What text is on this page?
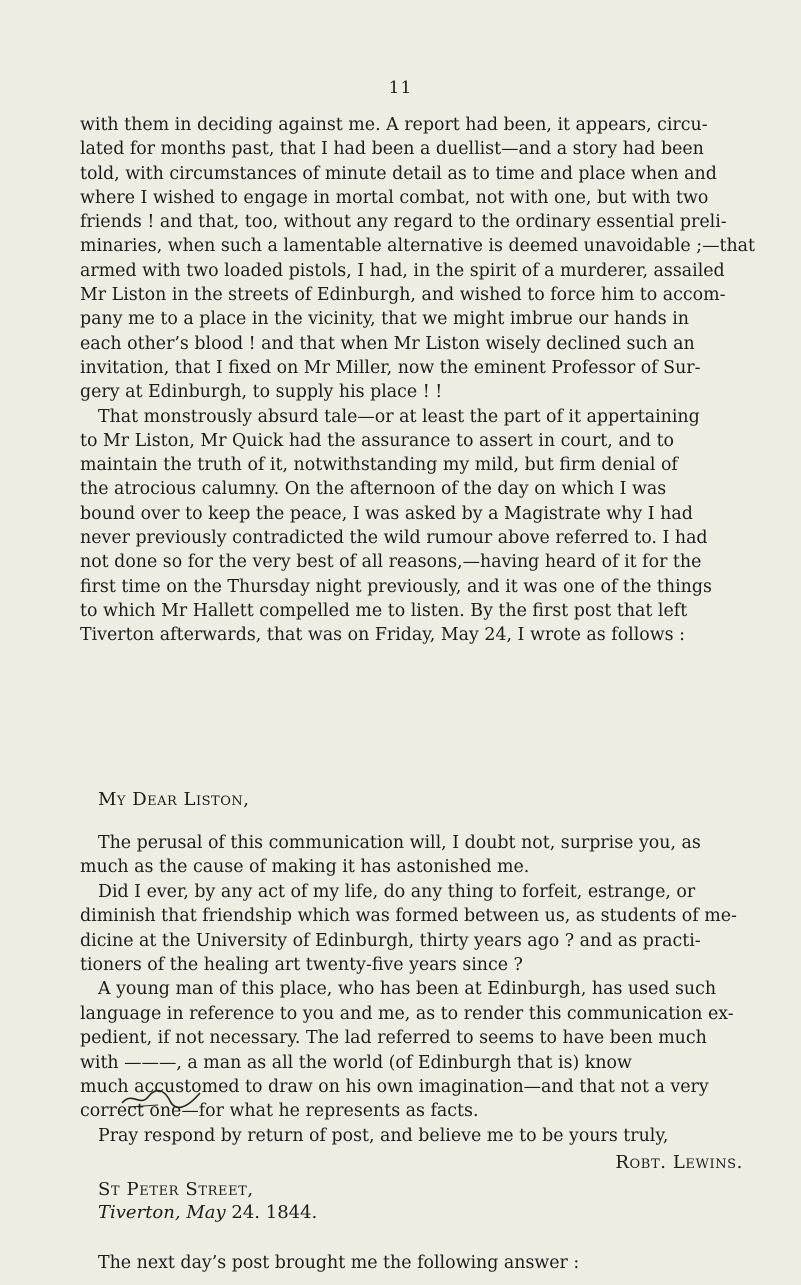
11
with them in deciding against me. A report had been, it appears, circu-
lated for months past, that I had been a duellist—and a story had been
told, with circumstances of minute detail as to time and place when and
where I wished to engage in mortal combat, not with one, but with two
friends ! and that, too, without any regard to the ordinary essential preli-
minaries, when such a lamentable alternative is deemed unavoidable ;—that
armed with two loaded pistols, I had, in the spirit of a murderer, assailed
Mr Liston in the streets of Edinburgh, and wished to force him to accom-
pany me to a place in the vicinity, that we might imbrue our hands in
each other’s blood ! and that when Mr Liston wisely declined such an
invitation, that I fixed on Mr Miller, now the eminent Professor of Sur-
gery at Edinburgh, to supply his place ! !
That monstrously absurd tale—or at least the part of it appertaining
to Mr Liston, Mr Quick had the assurance to assert in court, and to
maintain the truth of it, notwithstanding my mild, but firm denial of
the atrocious calumny. On the afternoon of the day on which I was
bound over to keep the peace, I was asked by a Magistrate why I had
never previously contradicted the wild rumour above referred to. I had
not done so for the very best of all reasons,—having heard of it for the
first time on the Thursday night previously, and it was one of the things
to which Mr Hallett compelled me to listen. By the first post that left
Tiverton afterwards, that was on Friday, May 24, I wrote as follows :
My Dear Liston,
The perusal of this communication will, I doubt not, surprise you, as
much as the cause of making it has astonished me.
Did I ever, by any act of my life, do any thing to forfeit, estrange, or
diminish that friendship which was formed between us, as students of me-
dicine at the University of Edinburgh, thirty years ago ? and as practi-
tioners of the healing art twenty-five years since ?
A young man of this place, who has been at Edinburgh, has used such
language in reference to you and me, as to render this communication ex-
pedient, if not necessary. The lad referred to seems to have been much
with ———, a man as all the world (of Edinburgh that is) know
much accustomed to draw on his own imagination—and that not a very
correct one—for what he represents as facts.
Pray respond by return of post, and believe me to be yours truly,
Robt. Lewins.
St Peter Street,
Tiverton, May 24. 1844.
The next day’s post brought me the following answer :
